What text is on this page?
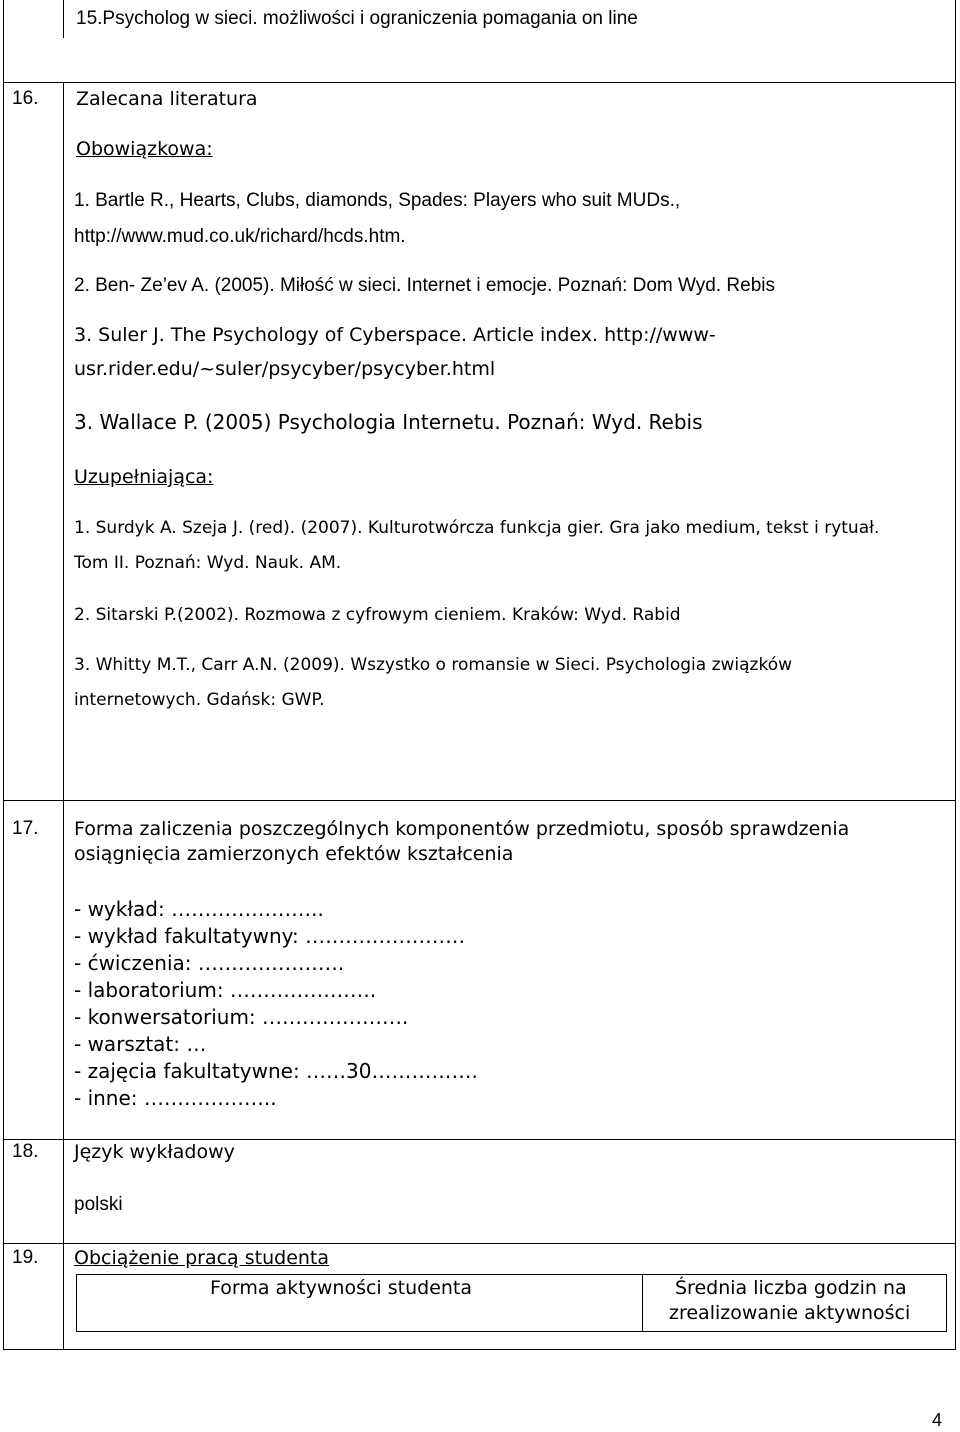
15.Psycholog w sieci. możliwości i ograniczenia pomagania on line
16. Zalecana literatura
Obowiązkowa:
1. Bartle R., Hearts, Clubs, diamonds, Spades: Players who suit MUDs.,
http://www.mud.co.uk/richard/hcds.htm.
2. Ben- Ze’ev A. (2005). Miłość w sieci. Internet i emocje. Poznań: Dom Wyd. Rebis
3. Suler J. The Psychology of Cyberspace. Article index. http://www-
usr.rider.edu/~suler/psycyber/psycyber.html
3. Wallace P. (2005) Psychologia Internetu. Poznań: Wyd. Rebis
Uzupełniająca:
1. Surdyk A. Szeja J. (red). (2007). Kulturotwórcza funkcja gier. Gra jako medium, tekst i rytuał.
Tom II. Poznań: Wyd. Nauk. AM.
2. Sitarski P.(2002). Rozmowa z cyfrowym cieniem. Kraków: Wyd. Rabid
3. Whitty M.T., Carr A.N. (2009). Wszystko o romansie w Sieci. Psychologia związków
internetowych. Gdańsk: GWP.
17. Forma zaliczenia poszczególnych komponentów przedmiotu, sposób sprawdzenia
osiągnięcia zamierzonych efektów kształcenia
- wykład: …………………..
- wykład fakultatywny: ……………………
- ćwiczenia: ………………….
- laboratorium: ………………….
- konwersatorium: ………………….
- warsztat: …
- zajęcia fakultatywne: ……30…………….
- inne: ………………..
18. Język wykładowy
polski
19. Obciążenie pracą studenta
Forma aktywności studenta	Średnia liczba godzin na
zrealizowanie aktywności
4
